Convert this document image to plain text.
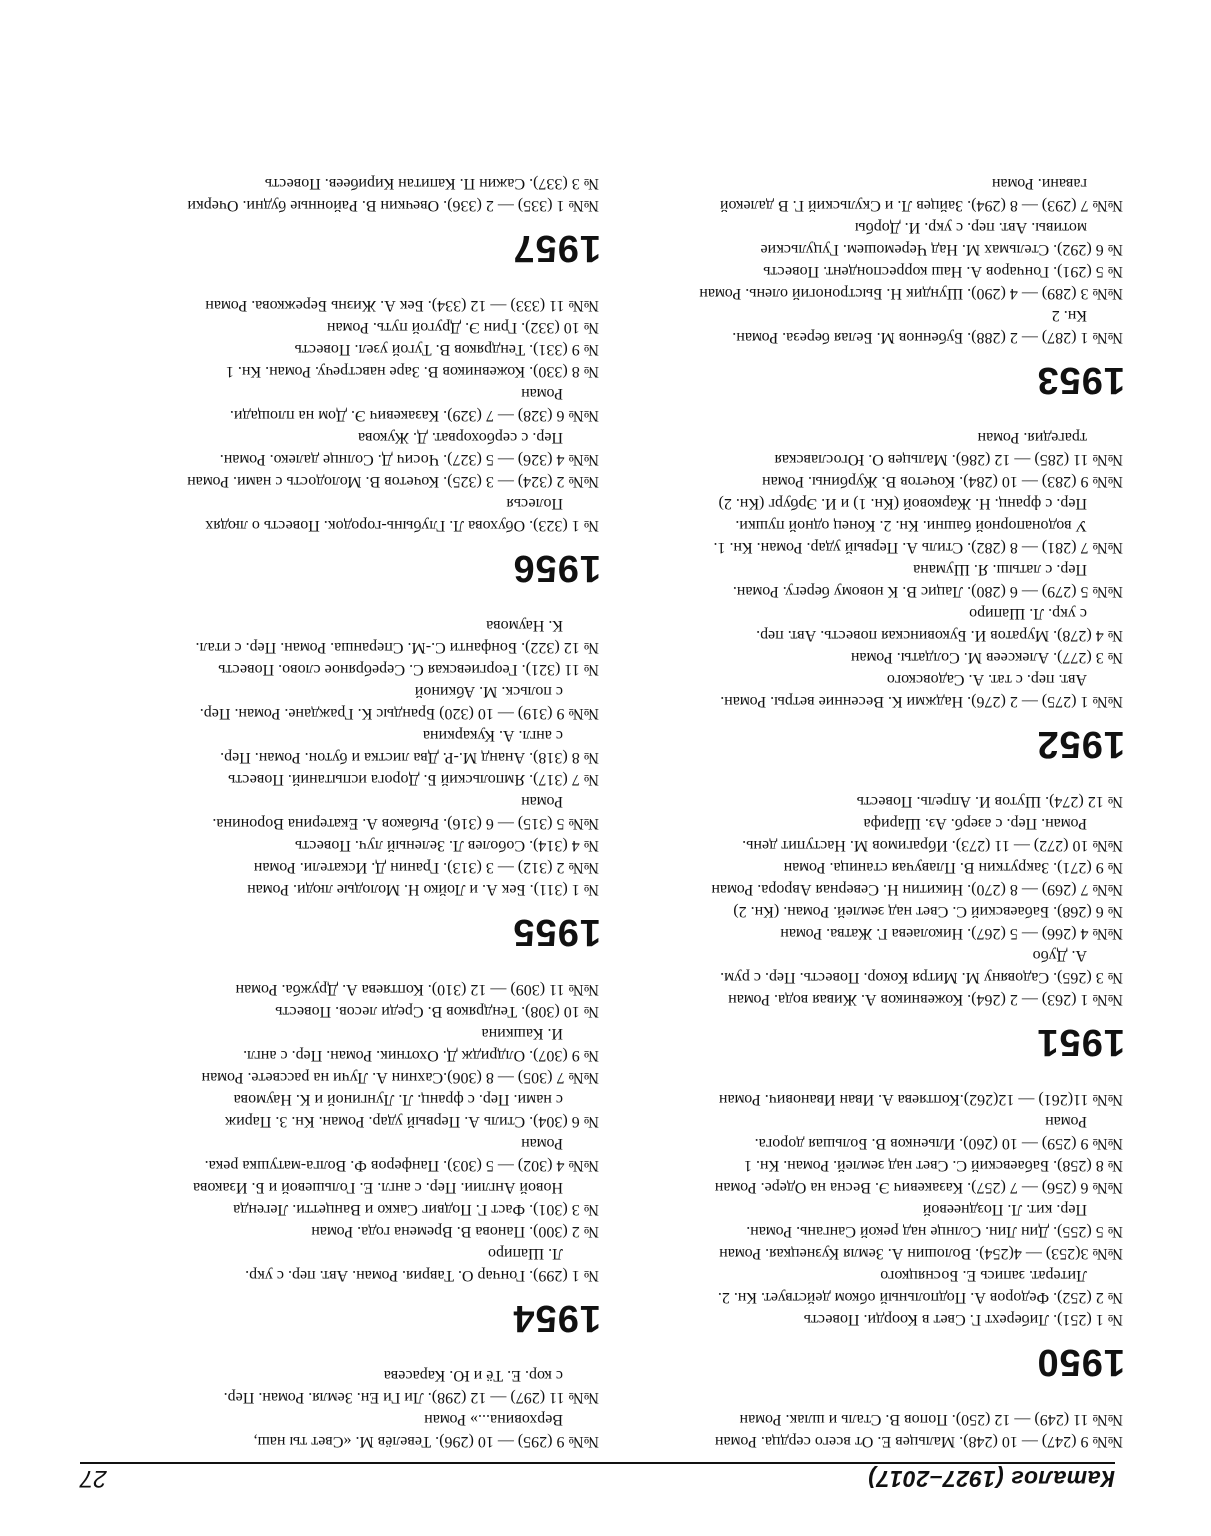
Каталог (1927–2017)
27
№№ 9 (247) — 10 (248). Мальцев Е. От всего сердца. Роман
№№ 11 (249) — 12 (250). Попов В. Сталь и шлак. Роман
1950
№ 1 (251). Либерехт Г. Свет в Коорди. Повесть
№ 2 (252). Федоров А. Подпольный обком действует. Кн. 2.
Литерат. запись Е. Босняцкого
№№ 3(253) — 4(254). Волошин А. Земля Кузнецкая. Роман
№ 5 (255). Дин Лин. Солнце над рекой Сангань. Роман.
Пер. кит. Л. Позднеевой
№№ 6 (256) — 7 (257). Казакевич Э. Весна на Одере. Роман
№ 8 (258). Бабаевский С. Свет над землей. Роман. Кн. 1
№№ 9 (259) — 10 (260). Ильенков В. Большая дорога.
Роман
№№ 11(261) — 12(262).Коптяева А. Иван Иванович. Роман
1951
№№ 1 (263) — 2 (264). Кожевников А. Живая вода. Роман
№ 3 (265). Садовяну М. Митря Кокор. Повесть. Пер. с рум.
А. Дубо
№№ 4 (266) — 5 (267). Николаева Г. Жатва. Роман
№ 6 (268). Бабаевский С. Свет над землей. Роман. (Кн. 2)
№№ 7 (269) — 8 (270). Никитин Н. Северная Аврора. Роман
№ 9 (271). Закруткин В. Плавучая станица. Роман
№№ 10 (272) — 11 (273). Ибрагимов М. Наступит день.
Роман. Пер. с азерб. Аз. Шарифа
№ 12 (274). Шутов И. Апрель. Повесть
1952
№№ 1 (275) — 2 (276). Наджми К. Весенние ветры. Роман.
Авт. пер. с тат. А. Садовского
№ 3 (277). Алексеев М. Солдаты. Роман
№ 4 (278). Муратов И. Буковинская повесть. Авт. пер.
с укр. Л. Шапиро
№№ 5 (279) — 6 (280). Лацис В. К новому берегу. Роман.
Пер. с латыш. Я. Шумана
№№ 7 (281) — 8 (282). Стиль А. Первый удар. Роман. Кн. 1.
У водонапорной башни. Кн. 2. Конец одной пушки.
Пер. с франц. Н. Жарковой (Кн. 1) и И. Эрбург (Кн. 2)
№№ 9 (283) — 10 (284). Кочетов В. Журбины. Роман
№№ 11 (285) — 12 (286). Мальцев О. Югославская
трагедия. Роман
1953
№№ 1 (287) — 2 (288). Бубеннов М. Белая береза. Роман.
Кн. 2
№№ 3 (289) — 4 (290). Шундик Н. Быстроногий олень. Роман
№ 5 (291). Гончаров А. Наш корреспондент. Повесть
№ 6 (292). Стельмах М. Над Черемошем. Гуцульские
мотивы. Авт. пер. с укр. И. Дорбы
№№ 7 (293) — 8 (294). Зайцев Л. и Скульский Г. В далекой
гавани. Роман
№№ 9 (295) — 10 (296). Тевелёв М. «Свет ты наш,
Верховина...» Роман
№№ 11 (297) — 12 (298). Ли Ги Ен. Земля. Роман. Пер.
с кор. Е. Тё и Ю. Карасева
1954
№ 1 (299). Гончар О. Таврия. Роман. Авт. пер. с укр.
Л. Шапиро
№ 2 (300). Панова В. Времена года. Роман
№ 3 (301). Фаст Г. Подвиг Сакко и Ванцетти. Легенда
Новой Англии. Пер. с англ. Е. Гольшевой и Б. Изакова
№№ 4 (302) — 5 (303). Панферов Ф. Волга-матушка река.
Роман
№ 6 (304). Стиль А. Первый удар. Роман. Кн. 3. Париж
с нами. Пер. с франц. Л. Лунгиной и К. Наумова
№№ 7 (305) — 8 (306).Сахнин А. Лучи на рассвете. Роман
№ 9 (307). Олдридж Д. Охотник. Роман. Пер. с англ.
И. Кашкина
№ 10 (308). Тендряков В. Среди лесов. Повесть
№№ 11 (309) — 12 (310). Коптяева А. Дружба. Роман
1955
№ 1 (311). Бек А. и Лойко Н. Молодые люди. Роман
№№ 2 (312) — 3 (313). Гранин Д. Искатели. Роман
№ 4 (314). Соболев Л. Зеленый луч. Повесть
№№ 5 (315) — 6 (316). Рыбаков А. Екатерина Воронина.
Роман
№ 7 (317). Ямпольский Б. Дорога испытаний. Повесть
№ 8 (318). Ананд М.-Р. Два листка и бутон. Роман. Пер.
с англ. А. Кукаркина
№№ 9 (319) — 10 (320) Брандыс К. Граждане. Роман. Пер.
с польск. М. Абкиной
№ 11 (321). Георгиевская С. Серебряное слово. Повесть
№ 12 (322). Бонфанти С.-М. Спераншa. Роман. Пер. с итал.
К. Наумова
1956
№ 1 (323). Обухова Л. Глубынь-городок. Повесть о людях
Полесья
№№ 2 (324) — 3 (325). Кочетов В. Молодость с нами. Роман
№№ 4 (326) — 5 (327). Чосич Д. Солнце далеко. Роман.
Пер. с сербохорват. Д. Жукова
№№ 6 (328) — 7 (329). Казакевич Э. Дом на площади.
Роман
№ 8 (330). Кожевников В. Заре навстречу. Роман. Кн. 1
№ 9 (331). Тендряков В. Тугой узел. Повесть
№ 10 (332). Грин Э. Другой путь. Роман
№№ 11 (333) — 12 (334). Бек А. Жизнь Бережкова. Роман
1957
№№ 1 (335) — 2 (336). Овечкин В. Районные будни. Очерки
№ 3 (337). Сажин П. Капитан Кирибеев. Повесть
